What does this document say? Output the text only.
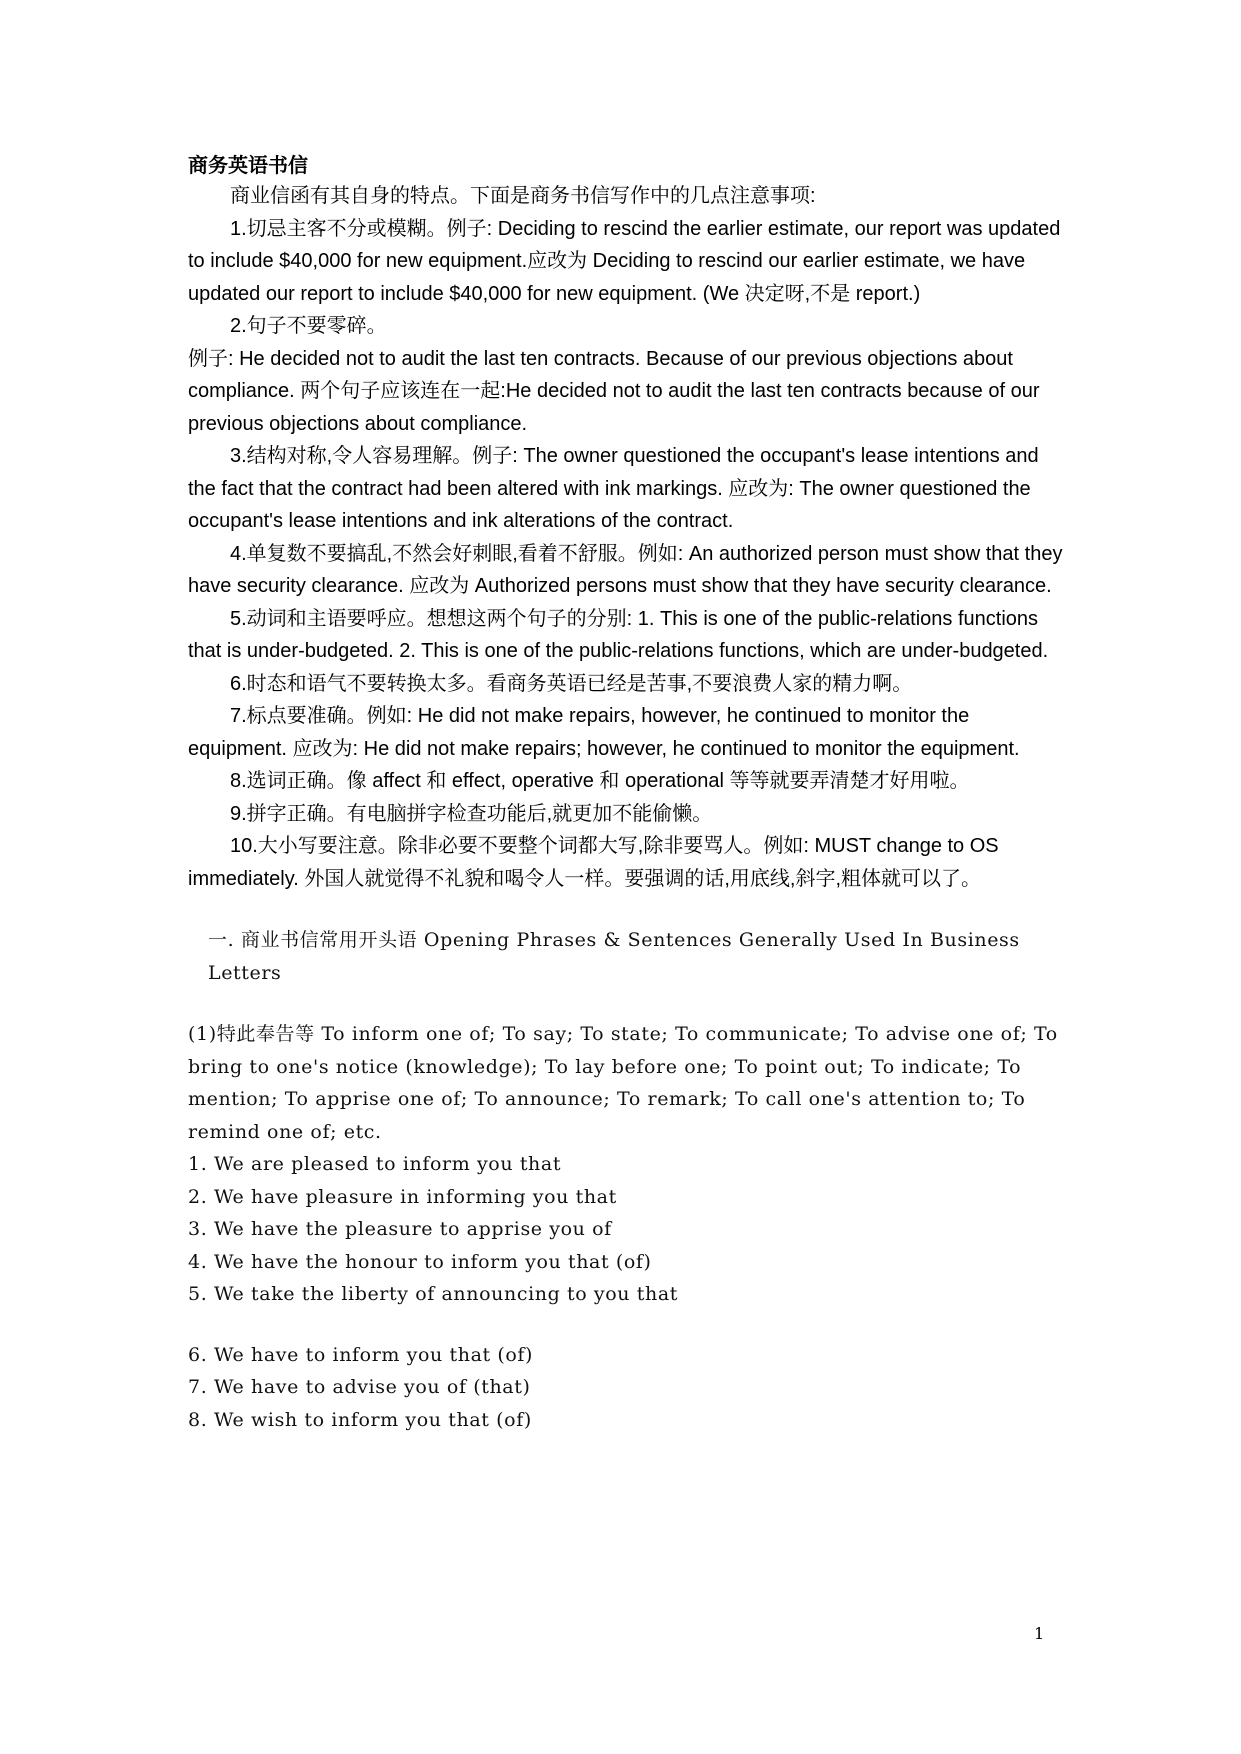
商务英语书信

商业信函有其自身的特点。下面是商务书信写作中的几点注意事项:

1.切忌主客不分或模糊。例子: Deciding to rescind the earlier estimate, our report was updated to include $40,000 for new equipment.应改为 Deciding to rescind our earlier estimate, we have updated our report to include $40,000 for new equipment. (We 决定呀,不是 report.)

2.句子不要零碎。

例子: He decided not to audit the last ten contracts. Because of our previous objections about compliance. 两个句子应该连在一起:He decided not to audit the last ten contracts because of our previous objections about compliance.

3.结构对称,令人容易理解。例子: The owner questioned the occupant's lease intentions and the fact that the contract had been altered with ink markings. 应改为: The owner questioned the occupant's lease intentions and ink alterations of the contract.

4.单复数不要搞乱,不然会好刺眼,看着不舒服。例如: An authorized person must show that they have security clearance. 应改为 Authorized persons must show that they have security clearance.

5.动词和主语要呼应。想想这两个句子的分别: 1. This is one of the public-relations functions that is under-budgeted. 2. This is one of the public-relations functions, which are under-budgeted.

6.时态和语气不要转换太多。看商务英语已经是苦事,不要浪费人家的精力啊。

7.标点要准确。例如: He did not make repairs, however, he continued to monitor the equipment. 应改为: He did not make repairs; however, he continued to monitor the equipment.

8.选词正确。像 affect 和 effect, operative 和 operational 等等就要弄清楚才好用啦。

9.拼字正确。有电脑拼字检查功能后,就更加不能偷懒。

10.大小写要注意。除非必要不要整个词都大写,除非要骂人。例如: MUST change to OS immediately. 外国人就觉得不礼貌和喝令人一样。要强调的话,用底线,斜字,粗体就可以了。

一. 商业书信常用开头语 Opening Phrases & Sentences Generally Used In Business Letters

(1)特此奉告等 To inform one of; To say; To state; To communicate; To advise one of; To bring to one's notice (knowledge); To lay before one; To point out; To indicate; To mention; To apprise one of; To announce; To remark; To call one's attention to; To remind one of; etc.

1. We are pleased to inform you that
2. We have pleasure in informing you that
3. We have the pleasure to apprise you of
4. We have the honour to inform you that (of)
5. We take the liberty of announcing to you that
6. We have to inform you that (of)
7. We have to advise you of (that)
8. We wish to inform you that (of)
1
